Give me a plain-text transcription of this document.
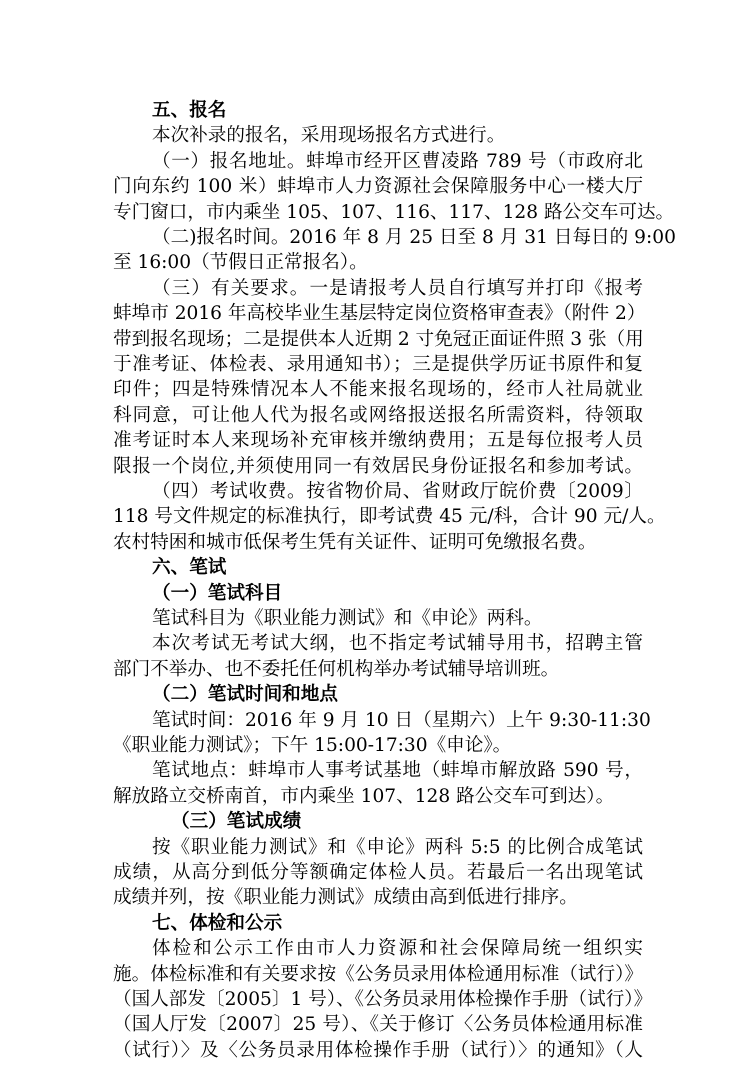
五、报名
本次补录的报名，采用现场报名方式进行。
（一）报名地址。蚌埠市经开区曹凌路 789 号（市政府北
门向东约 100 米）蚌埠市人力资源社会保障服务中心一楼大厅
专门窗口，市内乘坐 105、107、116、117、128 路公交车可达。
（二)报名时间。2016 年 8 月 25 日至 8 月 31 日每日的 9:00
至 16:00（节假日正常报名）。
（三）有关要求。一是请报考人员自行填写并打印《报考
蚌埠市 2016 年高校毕业生基层特定岗位资格审查表》（附件 2）
带到报名现场；二是提供本人近期 2 寸免冠正面证件照 3 张（用
于准考证、体检表、录用通知书）；三是提供学历证书原件和复
印件；四是特殊情况本人不能来报名现场的，经市人社局就业
科同意，可让他人代为报名或网络报送报名所需资料，待领取
准考证时本人来现场补充审核并缴纳费用；五是每位报考人员
限报一个岗位,并须使用同一有效居民身份证报名和参加考试。
（四）考试收费。按省物价局、省财政厅皖价费〔2009〕
118 号文件规定的标准执行，即考试费 45 元/科，合计 90 元/人。
农村特困和城市低保考生凭有关证件、证明可免缴报名费。
六、笔试
（一）笔试科目
笔试科目为《职业能力测试》和《申论》两科。
本次考试无考试大纲，也不指定考试辅导用书，招聘主管
部门不举办、也不委托任何机构举办考试辅导培训班。
（二）笔试时间和地点
笔试时间：2016 年 9 月 10 日（星期六）上午 9:30-11:30
《职业能力测试》；下午 15:00-17:30《申论》。
笔试地点：蚌埠市人事考试基地（蚌埠市解放路 590 号，
解放路立交桥南首，市内乘坐 107、128 路公交车可到达）。
（三）笔试成绩
按《职业能力测试》和《申论》两科 5:5 的比例合成笔试
成绩，从高分到低分等额确定体检人员。若最后一名出现笔试
成绩并列，按《职业能力测试》成绩由高到低进行排序。
七、体检和公示
体检和公示工作由市人力资源和社会保障局统一组织实
施。体检标准和有关要求按《公务员录用体检通用标准（试行）》
（国人部发〔2005〕1 号）、《公务员录用体检操作手册（试行）》
（国人厅发〔2007〕25 号）、《关于修订〈公务员体检通用标准
（试行）〉及〈公务员录用体检操作手册（试行）〉的通知》（人
